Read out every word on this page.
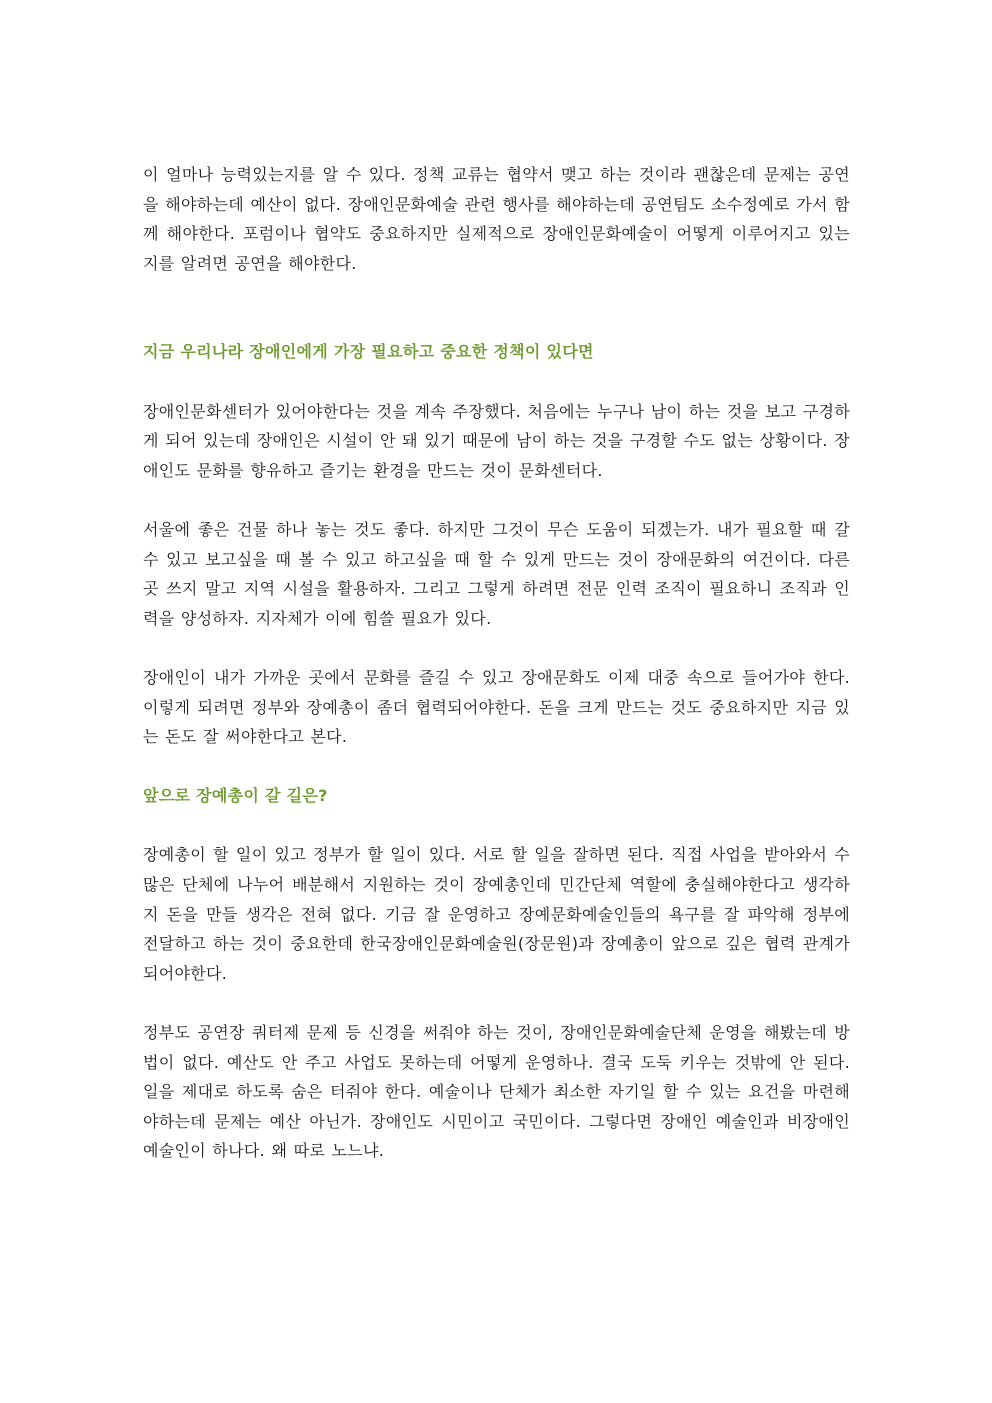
이 얼마나 능력있는지를 알 수 있다. 정책 교류는 협약서 맺고 하는 것이라 괜찮은데 문제는 공연을 해야하는데 예산이 없다. 장애인문화예술 관련 행사를 해야하는데 공연팀도 소수정예로 가서 함께 해야한다. 포럼이나 협약도 중요하지만 실제적으로 장애인문화예술이 어떻게 이루어지고 있는지를 알려면 공연을 해야한다.

지금 우리나라 장애인에게 가장 필요하고 중요한 정책이 있다면

장애인문화센터가 있어야한다는 것을 계속 주장했다. 처음에는 누구나 남이 하는 것을 보고 구경하게 되어 있는데 장애인은 시설이 안 돼 있기 때문에 남이 하는 것을 구경할 수도 없는 상황이다. 장애인도 문화를 향유하고 즐기는 환경을 만드는 것이 문화센터다.

서울에 좋은 건물 하나 놓는 것도 좋다. 하지만 그것이 무슨 도움이 되겠는가. 내가 필요할 때 갈 수 있고 보고싶을 때 볼 수 있고 하고싶을 때 할 수 있게 만드는 것이 장애문화의 여건이다. 다른 곳 쓰지 말고 지역 시설을 활용하자. 그리고 그렇게 하려면 전문 인력 조직이 필요하니 조직과 인력을 양성하자. 지자체가 이에 힘쓸 필요가 있다.

장애인이 내가 가까운 곳에서 문화를 즐길 수 있고 장애문화도 이제 대중 속으로 들어가야 한다. 이렇게 되려면 정부와 장예총이 좀더 협력되어야한다. 돈을 크게 만드는 것도 중요하지만 지금 있는 돈도 잘 써야한다고 본다.

앞으로 장예총이 갈 길은?

장예총이 할 일이 있고 정부가 할 일이 있다. 서로 할 일을 잘하면 된다. 직접 사업을 받아와서 수많은 단체에 나누어 배분해서 지원하는 것이 장예총인데 민간단체 역할에 충실해야한다고 생각하지 돈을 만들 생각은 전혀 없다. 기금 잘 운영하고 장예문화예술인들의 욕구를 잘 파악해 정부에 전달하고 하는 것이 중요한데 한국장애인문화예술원(장문원)과 장예총이 앞으로 깊은 협력 관계가 되어야한다.

정부도 공연장 쿼터제 문제 등 신경을 써줘야 하는 것이, 장애인문화예술단체 운영을 해봤는데 방법이 없다. 예산도 안 주고 사업도 못하는데 어떻게 운영하나. 결국 도둑 키우는 것밖에 안 된다. 일을 제대로 하도록 숨은 터줘야 한다. 예술이나 단체가 최소한 자기일 할 수 있는 요건을 마련해야하는데 문제는 예산 아닌가. 장애인도 시민이고 국민이다. 그렇다면 장애인 예술인과 비장애인 예술인이 하나다. 왜 따로 노느냐.
